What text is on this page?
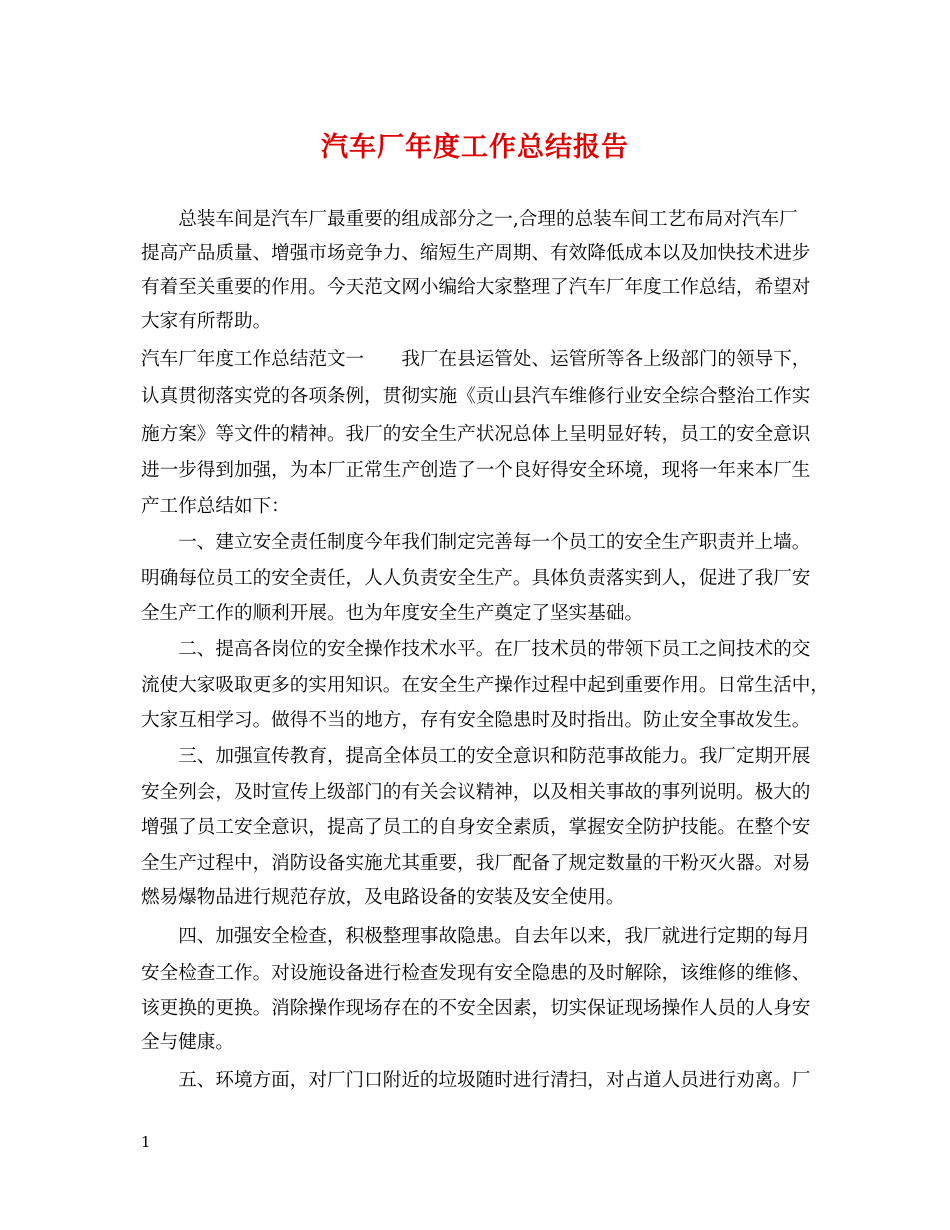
汽车厂年度工作总结报告
　　总装车间是汽车厂最重要的组成部分之一,合理的总装车间工艺布局对汽车厂
提高产品质量、增强市场竞争力、缩短生产周期、有效降低成本以及加快技术进步
有着至关重要的作用。今天范文网小编给大家整理了汽车厂年度工作总结，希望对
大家有所帮助。
汽车厂年度工作总结范文一　　我厂在县运管处、运管所等各上级部门的领导下，
认真贯彻落实党的各项条例，贯彻实施《贡山县汽车维修行业安全综合整治工作实
施方案》等文件的精神。我厂的安全生产状况总体上呈明显好转，员工的安全意识
进一步得到加强，为本厂正常生产创造了一个良好得安全环境，现将一年来本厂生
产工作总结如下：
　　一、建立安全责任制度今年我们制定完善每一个员工的安全生产职责并上墙。
明确每位员工的安全责任，人人负责安全生产。具体负责落实到人，促进了我厂安
全生产工作的顺利开展。也为年度安全生产奠定了坚实基础。
　　二、提高各岗位的安全操作技术水平。在厂技术员的带领下员工之间技术的交
流使大家吸取更多的实用知识。在安全生产操作过程中起到重要作用。日常生活中，
大家互相学习。做得不当的地方，存有安全隐患时及时指出。防止安全事故发生。
　　三、加强宣传教育，提高全体员工的安全意识和防范事故能力。我厂定期开展
安全列会，及时宣传上级部门的有关会议精神，以及相关事故的事列说明。极大的
增强了员工安全意识，提高了员工的自身安全素质，掌握安全防护技能。在整个安
全生产过程中，消防设备实施尤其重要，我厂配备了规定数量的干粉灭火器。对易
燃易爆物品进行规范存放，及电路设备的安装及安全使用。
　　四、加强安全检查，积极整理事故隐患。自去年以来，我厂就进行定期的每月
安全检查工作。对设施设备进行检查发现有安全隐患的及时解除，该维修的维修、
该更换的更换。消除操作现场存在的不安全因素，切实保证现场操作人员的人身安
全与健康。
　　五、环境方面，对厂门口附近的垃圾随时进行清扫，对占道人员进行劝离。厂
1
